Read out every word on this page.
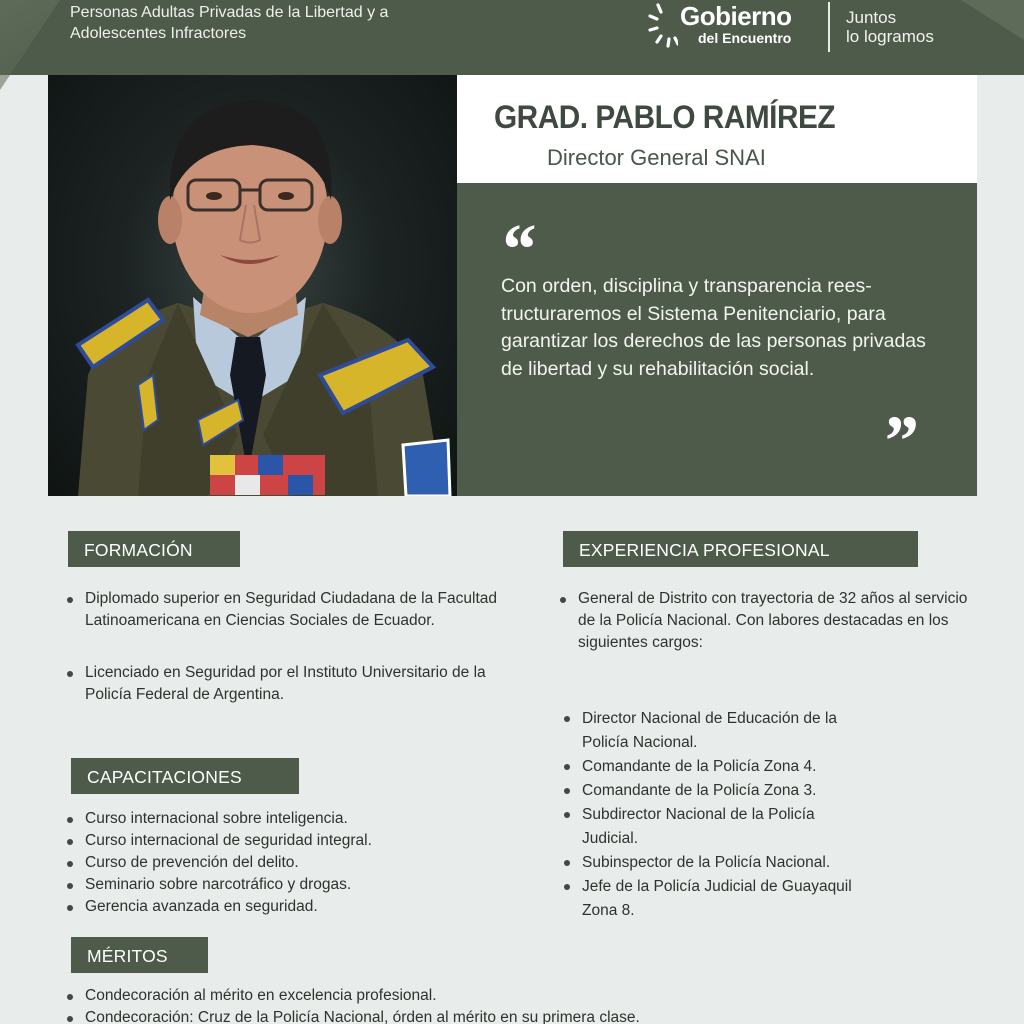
Personas Adultas Privadas de la Libertad y a Adolescentes Infractores
Gobierno
del Encuentro
Juntos
lo logramos
GRAD. PABLO RAMÍREZ
Director General SNAI
“
Con orden, disciplina y transparencia rees-tructuraremos el Sistema Penitenciario, para garantizar los derechos de las personas privadas de libertad y su rehabilitación social.
”
FORMACIÓN
Diplomado superior en Seguridad Ciudadana de la Facultad Latinoamericana en Ciencias Sociales de Ecuador.
Licenciado en Seguridad por el Instituto Universitario de la Policía Federal de Argentina.
CAPACITACIONES
Curso internacional sobre inteligencia.
Curso internacional de seguridad integral.
Curso de prevención del delito.
Seminario sobre narcotráfico y drogas.
Gerencia avanzada en seguridad.
MÉRITOS
Condecoración al mérito en excelencia profesional.
Condecoración: Cruz de la Policía Nacional, órden al mérito en su primera clase.
EXPERIENCIA PROFESIONAL
General de Distrito con trayectoria de 32 años al servicio de la Policía Nacional. Con labores destacadas en los siguientes cargos:
Director Nacional de Educación de la Policía Nacional.
Comandante de la Policía Zona 4.
Comandante de la Policía Zona 3.
Subdirector Nacional de la Policía Judicial.
Subinspector de la Policía Nacional.
Jefe de la Policía Judicial de Guayaquil Zona 8.
